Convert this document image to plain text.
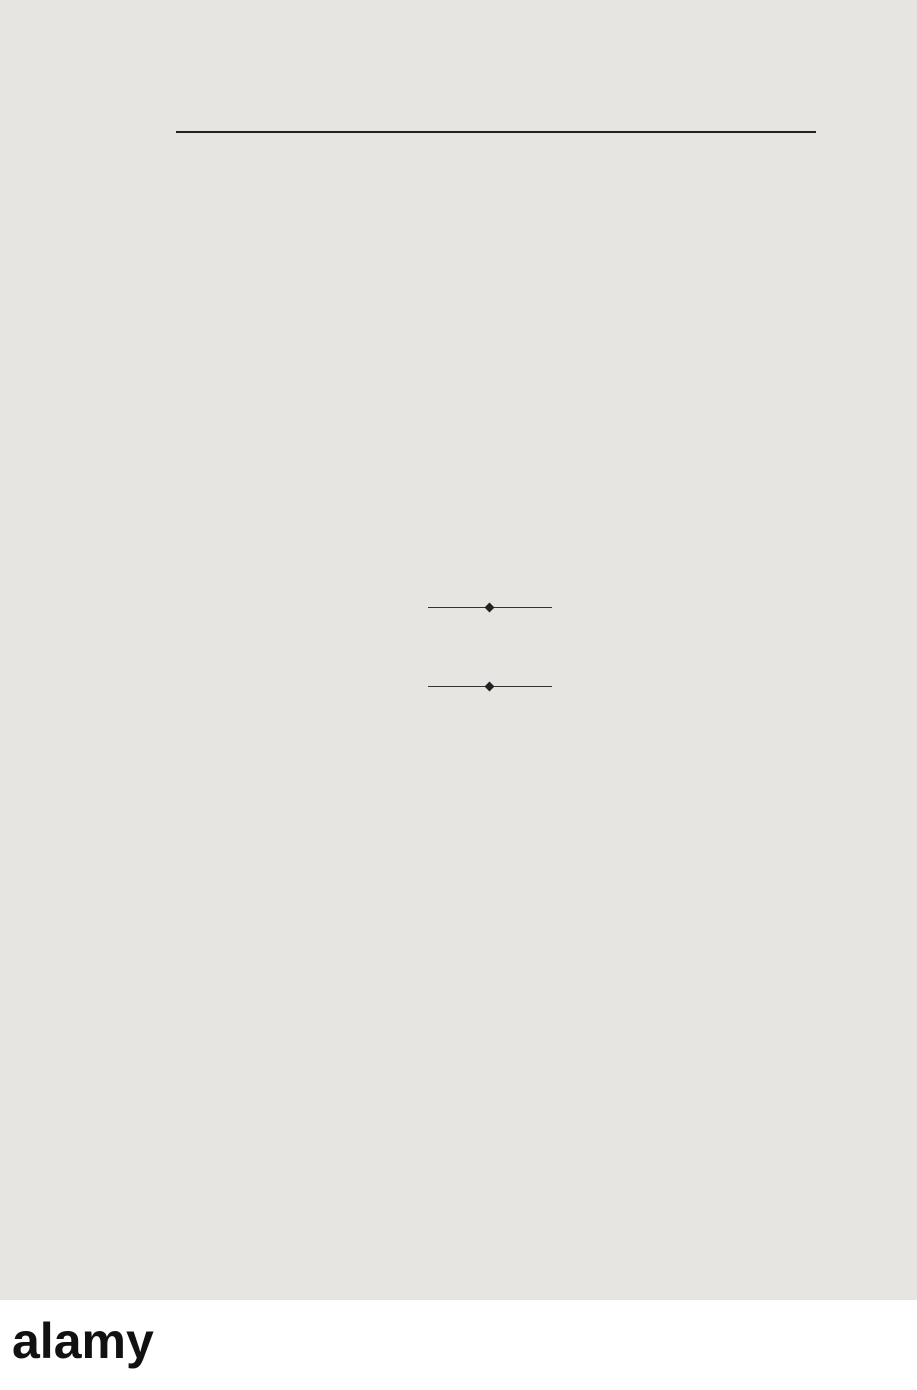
alamy
